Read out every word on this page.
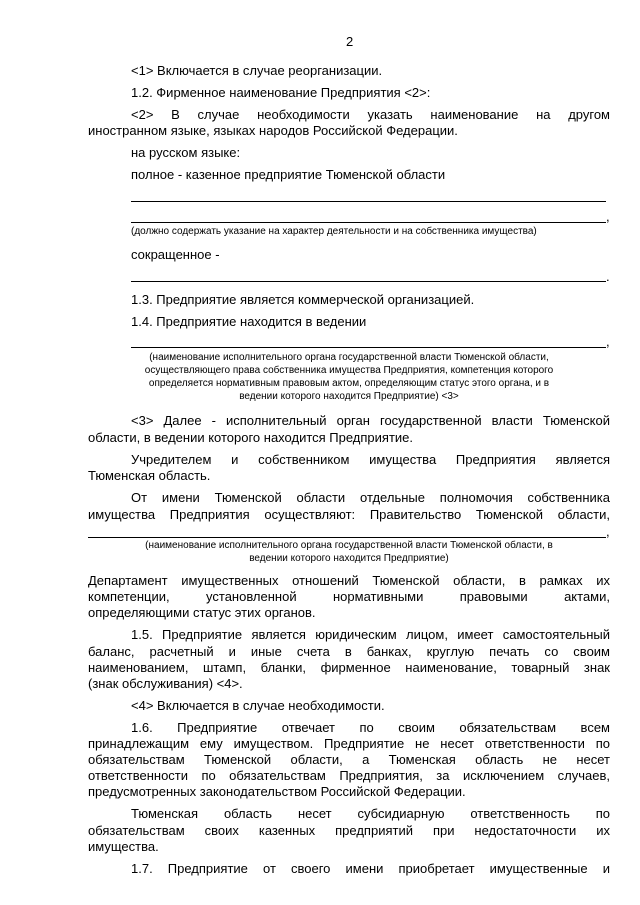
2
<1> Включается в случае реорганизации.
1.2. Фирменное наименование Предприятия <2>:
<2> В случае необходимости указать наименование на другом
иностранном языке, языках народов Российской Федерации.
на русском языке:
полное - казенное предприятие Тюменской области
,
(должно содержать указание на характер деятельности и на собственника имущества)
сокращенное -
.
1.3. Предприятие является коммерческой организацией.
1.4. Предприятие находится в ведении
,
(наименование исполнительного органа государственной власти Тюменской области,
осуществляющего права собственника имущества Предприятия, компетенция которого
определяется нормативным правовым актом, определяющим статус этого органа, и в
ведении которого находится Предприятие) <3>
<3> Далее - исполнительный орган государственной власти Тюменской
области, в ведении которого находится Предприятие.
Учредителем и собственником имущества Предприятия является
Тюменская область.
От имени Тюменской области отдельные полномочия собственника
имущества Предприятия осуществляют: Правительство Тюменской области,
,
(наименование исполнительного органа государственной власти Тюменской области, в
ведении которого находится Предприятие)
Департамент имущественных отношений Тюменской области, в рамках их
компетенции, установленной нормативными правовыми актами,
определяющими статус этих органов.
1.5. Предприятие является юридическим лицом, имеет самостоятельный
баланс, расчетный и иные счета в банках, круглую печать со своим
наименованием, штамп, бланки, фирменное наименование, товарный знак
(знак обслуживания) <4>.
<4> Включается в случае необходимости.
1.6. Предприятие отвечает по своим обязательствам всем
принадлежащим ему имуществом. Предприятие не несет ответственности по
обязательствам Тюменской области, а Тюменская область не несет
ответственности по обязательствам Предприятия, за исключением случаев,
предусмотренных законодательством Российской Федерации.
Тюменская область несет субсидиарную ответственность по
обязательствам своих казенных предприятий при недостаточности их
имущества.
1.7. Предприятие от своего имени приобретает имущественные и
